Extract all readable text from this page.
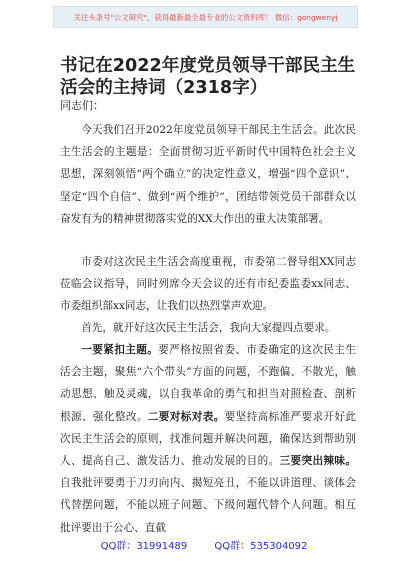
关注头条号"公文研究"，获得最新最全最专业的公文资料库！ 微信：gongwenyj
书记在2022年度党员领导干部民主生活会的主持词（2318字）
同志们：

今天我们召开2022年度党员领导干部民主生活会。此次民主生活会的主题是：全面贯彻习近平新时代中国特色社会主义思想，深刻领悟“两个确立”的决定性意义，增强“四个意识”、坚定“四个自信”、做到“两个维护”，团结带领党员干部群众以奋发有为的精神贯彻落实党的XX大作出的重大决策部署。

市委对这次民主生活会高度重视，市委第二督导组XX同志莅临会议指导，同时列席今天会议的还有市纪委监委xx同志、市委组织部xx同志，让我们以热烈掌声欢迎。

首先，就开好这次民主生活会，我向大家提四点要求。

一要紧扣主题。要严格按照省委、市委确定的这次民主生活会主题，聚焦“六个带头”方面的问题，不跑偏、不散光，触动思想、触及灵魂，以自我革命的勇气和担当对照检查、剖析根源、强化整改。二要对标对表。要坚持高标准严要求开好此次民主生活会的原则，找准问题并解决问题，确保达到帮助别人、提高自己、激发活力、推动发展的目的。三要突出辣味。自我批评要勇于刀刃向内、揭短亮丑，不能以讲道理、谈体会代替摆问题，不能以班子问题、下级问题代替个人问题。相互批评要出于公心、直截

QQ群：31991489	QQ群：535304092
